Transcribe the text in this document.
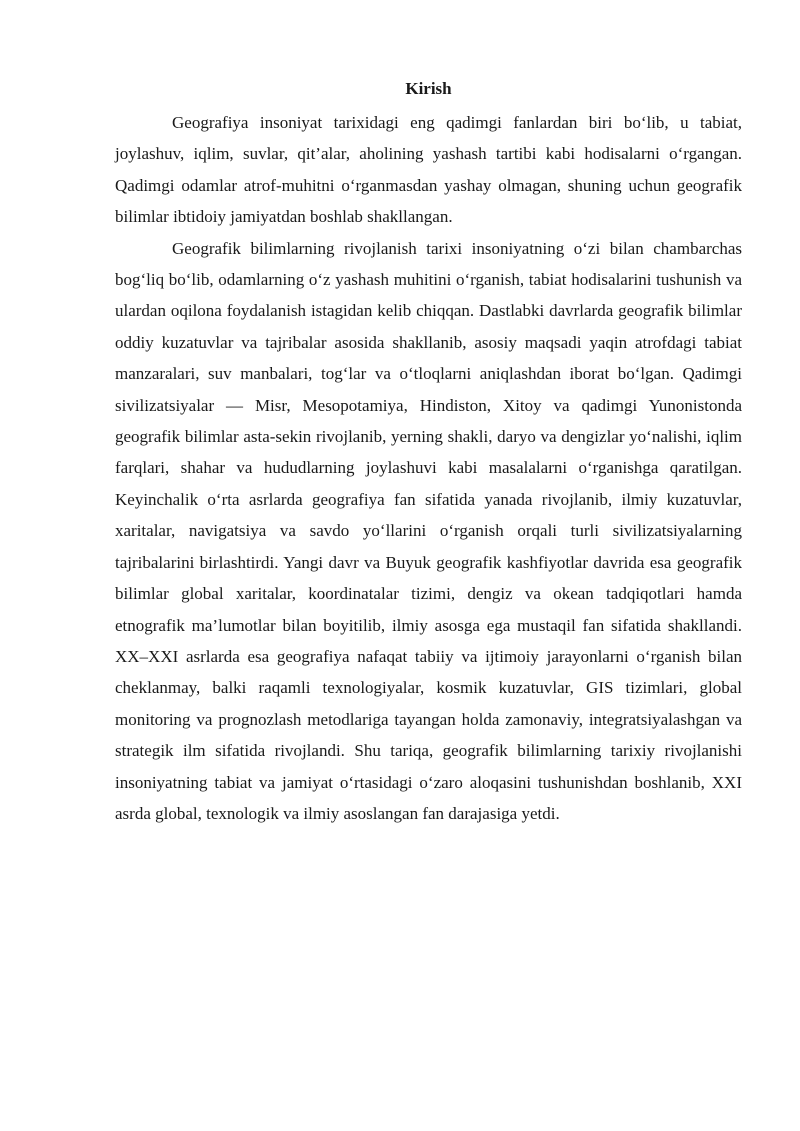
Kirish

Geografiya insoniyat tarixidagi eng qadimgi fanlardan biri bo‘lib, u tabiat, joylashuv, iqlim, suvlar, qit’alar, aholining yashash tartibi kabi hodisalarni o‘rgangan. Qadimgi odamlar atrof-muhitni o‘rganmasdan yashay olmagan, shuning uchun geografik bilimlar ibtidoiy jamiyatdan boshlab shakllangan.

Geografik bilimlarning rivojlanish tarixi insoniyatning o‘zi bilan chambarchas bog‘liq bo‘lib, odamlarning o‘z yashash muhitini o‘rganish, tabiat hodisalarini tushunish va ulardan oqilona foydalanish istagidan kelib chiqqan. Dastlabki davrlarda geografik bilimlar oddiy kuzatuvlar va tajribalar asosida shakllanib, asosiy maqsadi yaqin atrofdagi tabiat manzaralari, suv manbalari, tog‘lar va o‘tloqlarni aniqlashdan iborat bo‘lgan. Qadimgi sivilizatsiyalar — Misr, Mesopotamiya, Hindiston, Xitoy va qadimgi Yunonistonda geografik bilimlar asta-sekin rivojlanib, yerning shakli, daryo va dengizlar yo‘nalishi, iqlim farqlari, shahar va hududlarning joylashuvi kabi masalalarni o‘rganishga qaratilgan. Keyinchalik o‘rta asrlarda geografiya fan sifatida yanada rivojlanib, ilmiy kuzatuvlar, xaritalar, navigatsiya va savdo yo‘llarini o‘rganish orqali turli sivilizatsiyalarning tajribalarini birlashtirdi. Yangi davr va Buyuk geografik kashfiyotlar davrida esa geografik bilimlar global xaritalar, koordinatalar tizimi, dengiz va okean tadqiqotlari hamda etnografik ma’lumotlar bilan boyitilib, ilmiy asosga ega mustaqil fan sifatida shakllandi. XX–XXI asrlarda esa geografiya nafaqat tabiiy va ijtimoiy jarayonlarni o‘rganish bilan cheklanmay, balki raqamli texnologiyalar, kosmik kuzatuvlar, GIS tizimlari, global monitoring va prognozlash metodlariga tayangan holda zamonaviy, integratsiyalashgan va strategik ilm sifatida rivojlandi. Shu tariqa, geografik bilimlarning tarixiy rivojlanishi insoniyatning tabiat va jamiyat o‘rtasidagi o‘zaro aloqasini tushunishdan boshlanib, XXI asrda global, texnologik va ilmiy asoslangan fan darajasiga yetdi.
